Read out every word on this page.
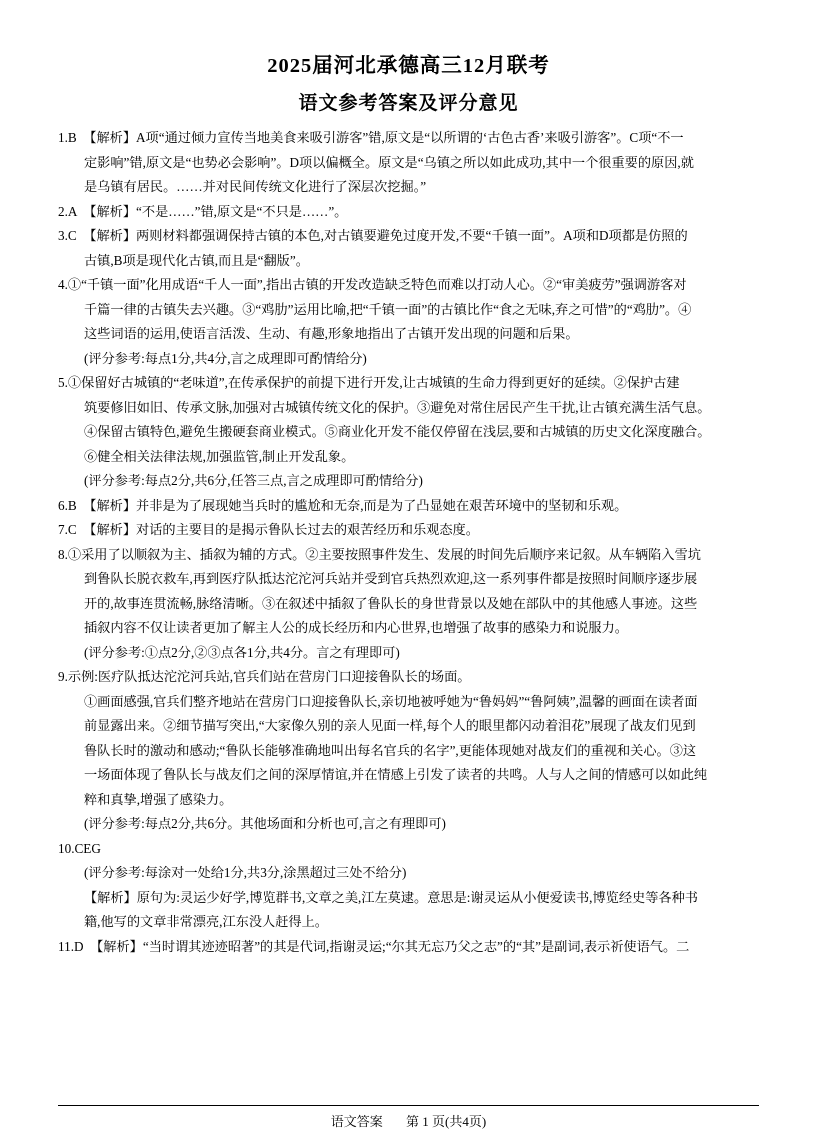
2025届河北承德高三12月联考
语文参考答案及评分意见

1.B　【解析】A项“通过倾力宣传当地美食来吸引游客”错,原文是“以所谓的‘古色古香’来吸引游客”。C项“不一

定影响”错,原文是“也势必会影响”。D项以偏概全。原文是“乌镇之所以如此成功,其中一个很重要的原因,就

是乌镇有居民。……并对民间传统文化进行了深层次挖掘。”

2.A　【解析】“不是……”错,原文是“不只是……”。

3.C　【解析】两则材料都强调保持古镇的本色,对古镇要避免过度开发,不要“千镇一面”。A项和D项都是仿照的

古镇,B项是现代化古镇,而且是“翻版”。

4.①“千镇一面”化用成语“千人一面”,指出古镇的开发改造缺乏特色而难以打动人心。②“审美疲劳”强调游客对

千篇一律的古镇失去兴趣。③“鸡肋”运用比喻,把“千镇一面”的古镇比作“食之无味,弃之可惜”的“鸡肋”。④

这些词语的运用,使语言活泼、生动、有趣,形象地指出了古镇开发出现的问题和后果。

(评分参考:每点1分,共4分,言之成理即可酌情给分)

5.①保留好古城镇的“老味道”,在传承保护的前提下进行开发,让古城镇的生命力得到更好的延续。②保护古建

筑要修旧如旧、传承文脉,加强对古城镇传统文化的保护。③避免对常住居民产生干扰,让古镇充满生活气息。

④保留古镇特色,避免生搬硬套商业模式。⑤商业化开发不能仅停留在浅层,要和古城镇的历史文化深度融合。

⑥健全相关法律法规,加强监管,制止开发乱象。

(评分参考:每点2分,共6分,任答三点,言之成理即可酌情给分)

6.B　【解析】并非是为了展现她当兵时的尴尬和无奈,而是为了凸显她在艰苦环境中的坚韧和乐观。

7.C　【解析】对话的主要目的是揭示鲁队长过去的艰苦经历和乐观态度。

8.①采用了以顺叙为主、插叙为辅的方式。②主要按照事件发生、发展的时间先后顺序来记叙。从车辆陷入雪坑

到鲁队长脱衣救车,再到医疗队抵达沱沱河兵站并受到官兵热烈欢迎,这一系列事件都是按照时间顺序逐步展

开的,故事连贯流畅,脉络清晰。③在叙述中插叙了鲁队长的身世背景以及她在部队中的其他感人事迹。这些

插叙内容不仅让读者更加了解主人公的成长经历和内心世界,也增强了故事的感染力和说服力。

(评分参考:①点2分,②③点各1分,共4分。言之有理即可)

9.示例:医疗队抵达沱沱河兵站,官兵们站在营房门口迎接鲁队长的场面。

①画面感强,官兵们整齐地站在营房门口迎接鲁队长,亲切地被呼她为“鲁妈妈”“鲁阿姨”,温馨的画面在读者面

前显露出来。②细节描写突出,“大家像久别的亲人见面一样,每个人的眼里都闪动着泪花”展现了战友们见到

鲁队长时的激动和感动;“鲁队长能够准确地叫出每名官兵的名字”,更能体现她对战友们的重视和关心。③这

一场面体现了鲁队长与战友们之间的深厚情谊,并在情感上引发了读者的共鸣。人与人之间的情感可以如此纯

粹和真挚,增强了感染力。

(评分参考:每点2分,共6分。其他场面和分析也可,言之有理即可)

10.CEG

(评分参考:每涂对一处给1分,共3分,涂黑超过三处不给分)

【解析】原句为:灵运少好学,博览群书,文章之美,江左莫逮。意思是:谢灵运从小便爱读书,博览经史等各种书

籍,他写的文章非常漂亮,江东没人赶得上。

11.D　【解析】“当时谓其迹迹昭著”的其是代词,指谢灵运;“尔其无忘乃父之志”的“其”是副词,表示祈使语气。二

语文答案 第 1 页(共4页)
